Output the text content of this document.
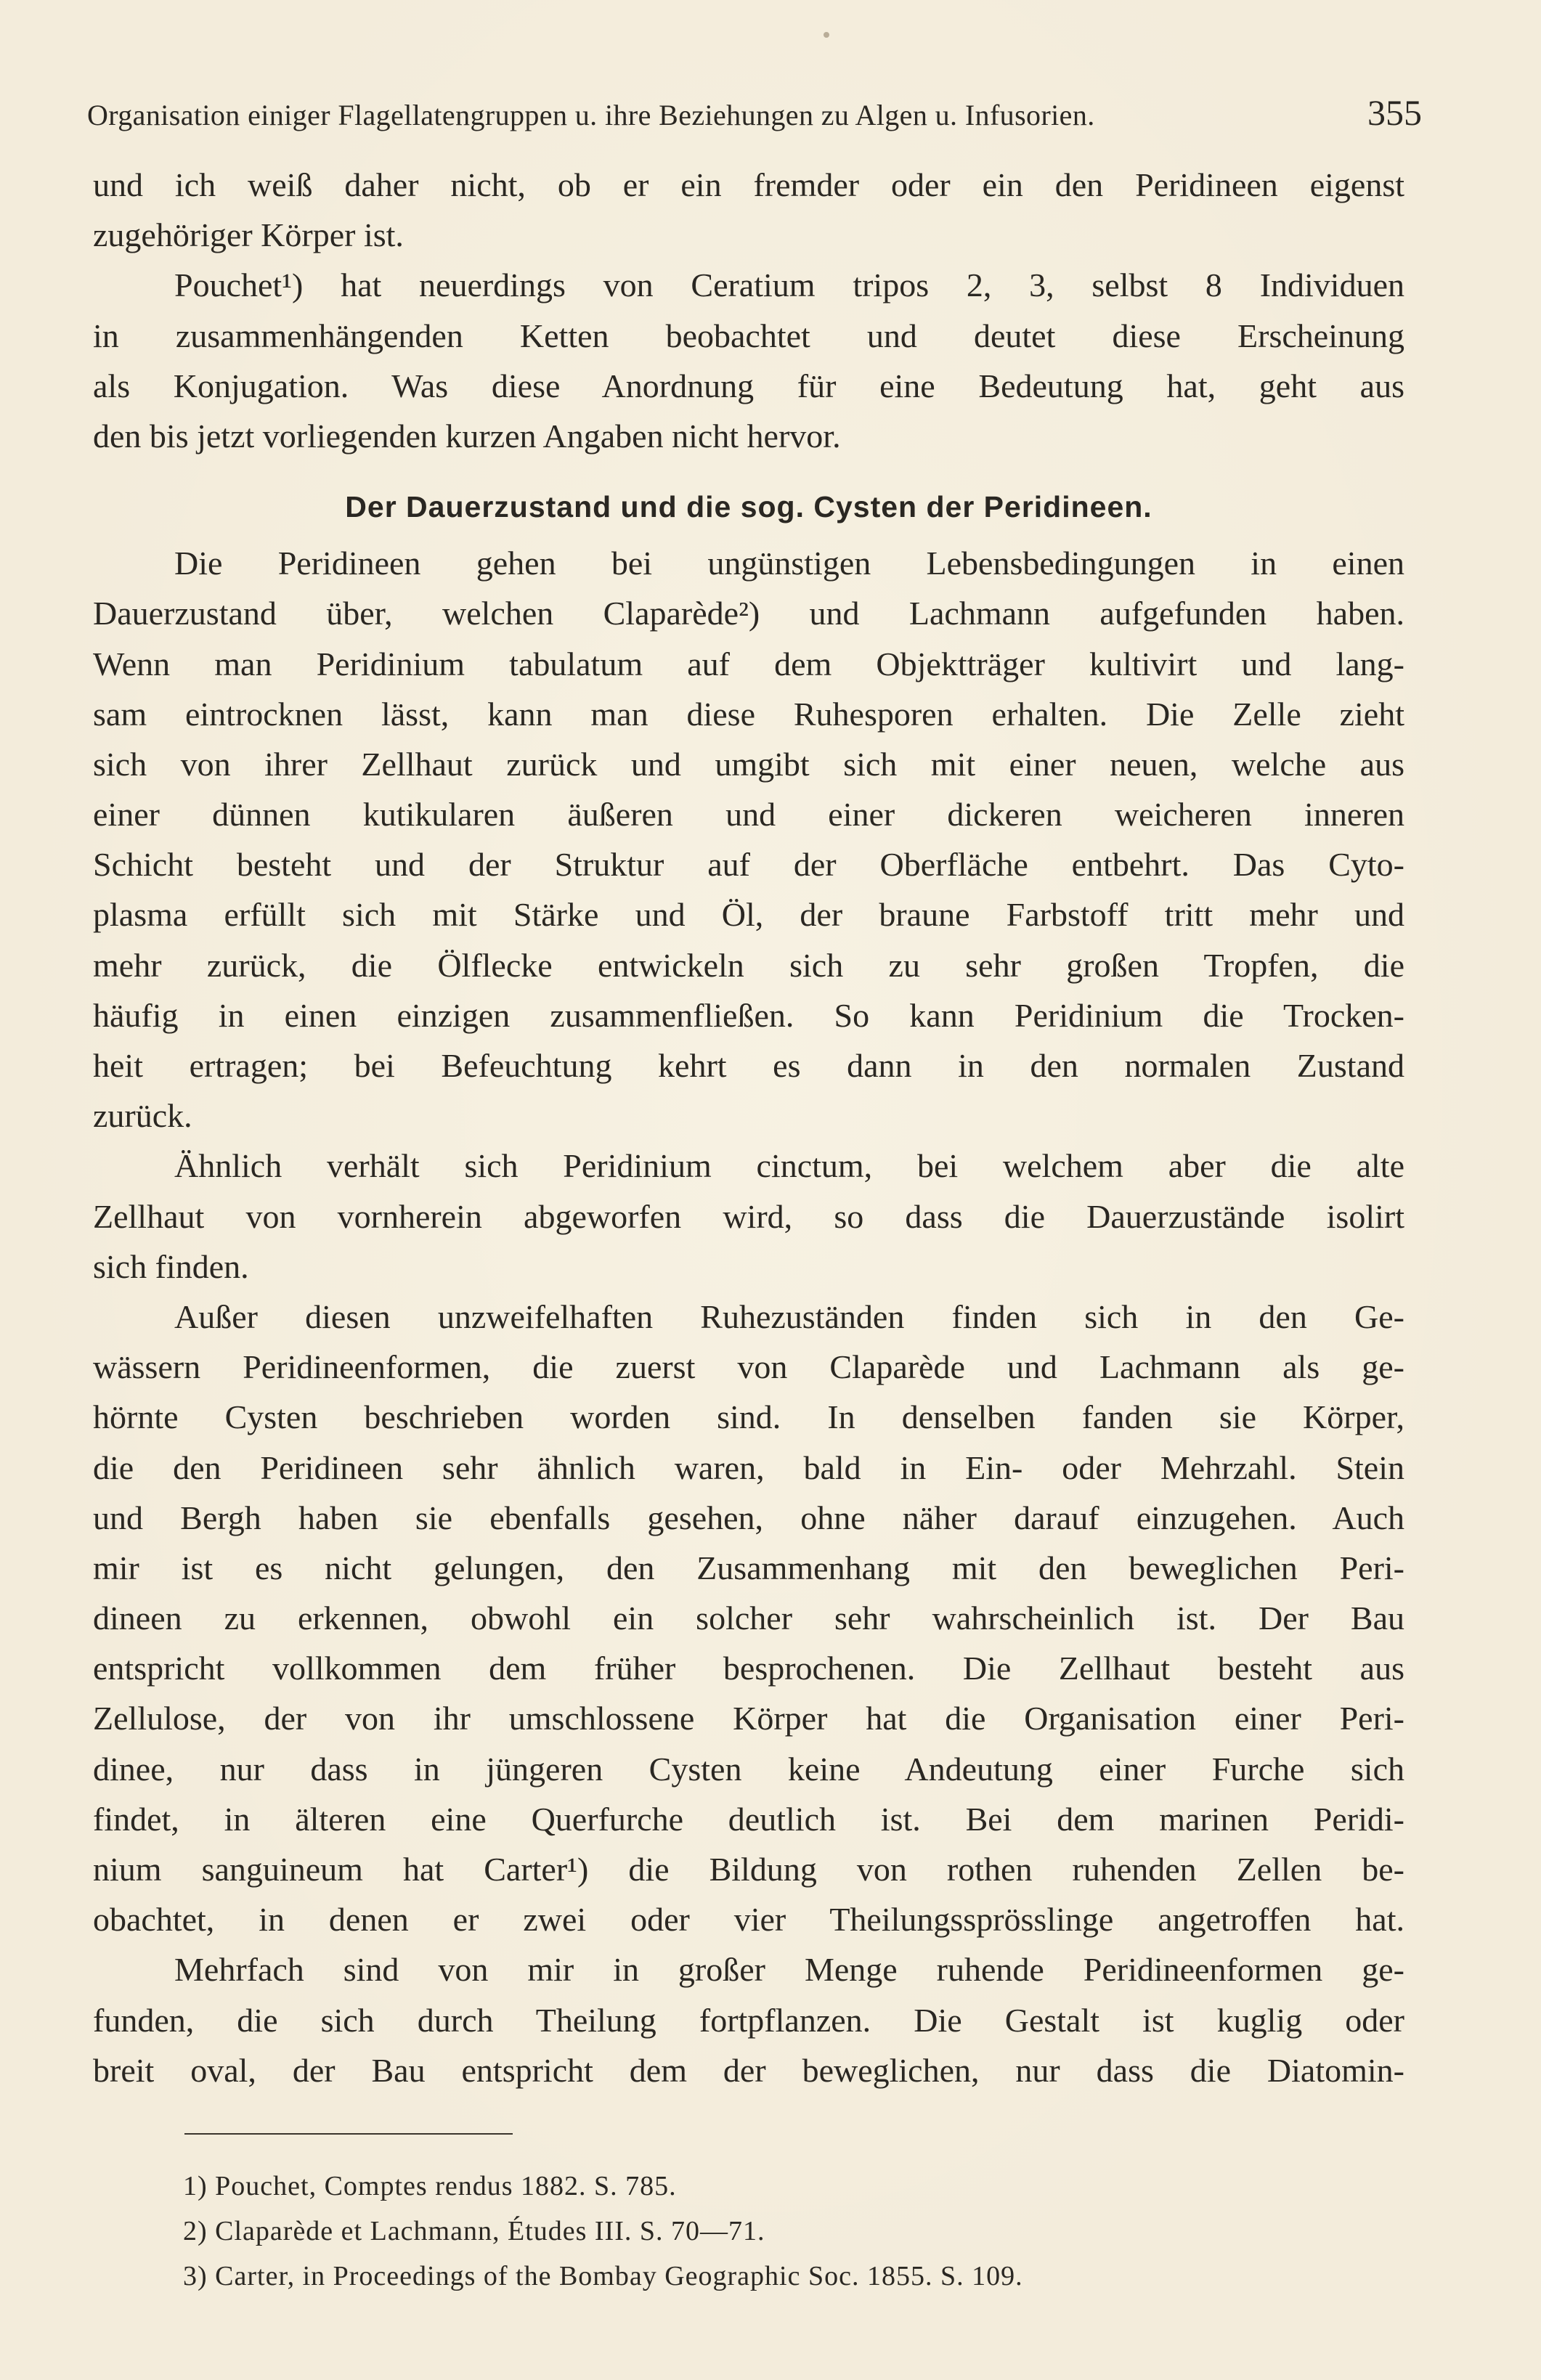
Organisation einiger Flagellatengruppen u. ihre Beziehungen zu Algen u. Infusorien.	355
und ich weiß daher nicht, ob er ein fremder oder ein den Peridineen eigenst
zugehöriger Körper ist.
Pouchet¹) hat neuerdings von Ceratium tripos 2, 3, selbst 8 Individuen
in zusammenhängenden Ketten beobachtet und deutet diese Erscheinung
als Konjugation. Was diese Anordnung für eine Bedeutung hat, geht aus
den bis jetzt vorliegenden kurzen Angaben nicht hervor.
Der Dauerzustand und die sog. Cysten der Peridineen.
Die Peridineen gehen bei ungünstigen Lebensbedingungen in einen
Dauerzustand über, welchen Claparède²) und Lachmann aufgefunden haben.
Wenn man Peridinium tabulatum auf dem Objektträger kultivirt und lang-
sam eintrocknen lässt, kann man diese Ruhesporen erhalten. Die Zelle zieht
sich von ihrer Zellhaut zurück und umgibt sich mit einer neuen, welche aus
einer dünnen kutikularen äußeren und einer dickeren weicheren inneren
Schicht besteht und der Struktur auf der Oberfläche entbehrt. Das Cyto-
plasma erfüllt sich mit Stärke und Öl, der braune Farbstoff tritt mehr und
mehr zurück, die Ölflecke entwickeln sich zu sehr großen Tropfen, die
häufig in einen einzigen zusammenfließen. So kann Peridinium die Trocken-
heit ertragen; bei Befeuchtung kehrt es dann in den normalen Zustand
zurück.
Ähnlich verhält sich Peridinium cinctum, bei welchem aber die alte
Zellhaut von vornherein abgeworfen wird, so dass die Dauerzustände isolirt
sich finden.
Außer diesen unzweifelhaften Ruhezuständen finden sich in den Ge-
wässern Peridineenformen, die zuerst von Claparède und Lachmann als ge-
hörnte Cysten beschrieben worden sind. In denselben fanden sie Körper,
die den Peridineen sehr ähnlich waren, bald in Ein- oder Mehrzahl. Stein
und Bergh haben sie ebenfalls gesehen, ohne näher darauf einzugehen. Auch
mir ist es nicht gelungen, den Zusammenhang mit den beweglichen Peri-
dineen zu erkennen, obwohl ein solcher sehr wahrscheinlich ist. Der Bau
entspricht vollkommen dem früher besprochenen. Die Zellhaut besteht aus
Zellulose, der von ihr umschlossene Körper hat die Organisation einer Peri-
dinee, nur dass in jüngeren Cysten keine Andeutung einer Furche sich
findet, in älteren eine Querfurche deutlich ist. Bei dem marinen Peridi-
nium sanguineum hat Carter¹) die Bildung von rothen ruhenden Zellen be-
obachtet, in denen er zwei oder vier Theilungssprösslinge angetroffen hat.
Mehrfach sind von mir in großer Menge ruhende Peridineenformen ge-
funden, die sich durch Theilung fortpflanzen. Die Gestalt ist kuglig oder
breit oval, der Bau entspricht dem der beweglichen, nur dass die Diatomin-
1) Pouchet, Comptes rendus 1882. S. 785.
2) Claparède et Lachmann, Études III. S. 70—71.
3) Carter, in Proceedings of the Bombay Geographic Soc. 1855. S. 109.
